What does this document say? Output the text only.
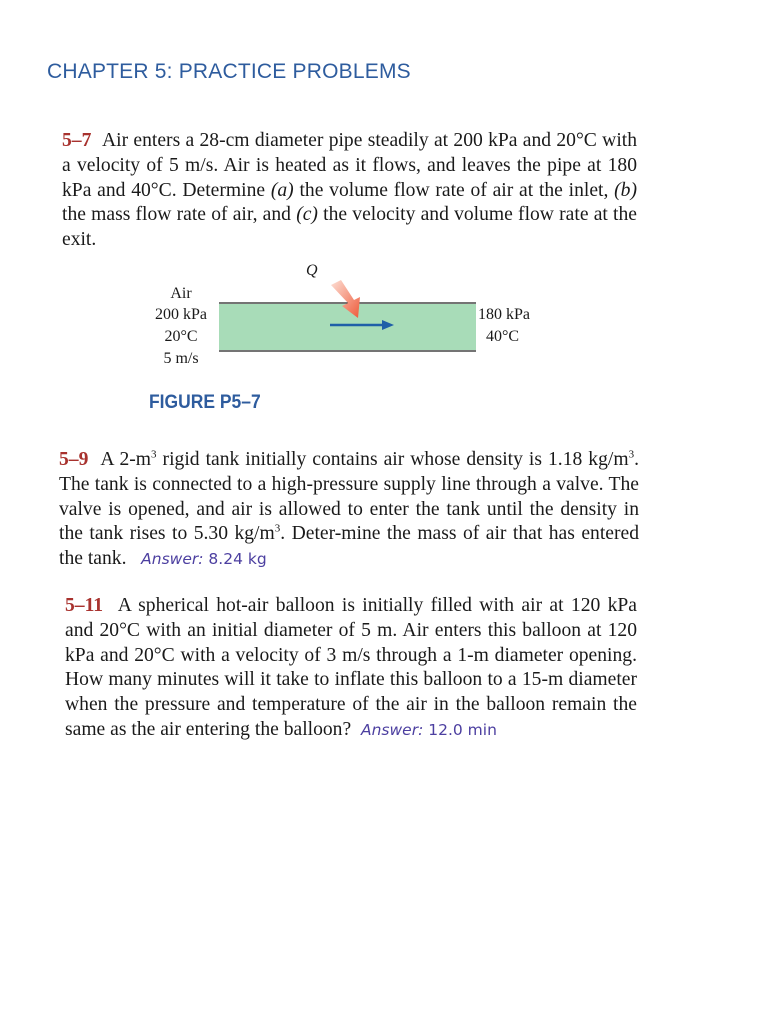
CHAPTER 5: PRACTICE PROBLEMS
5–7 Air enters a 28-cm diameter pipe steadily at 200 kPa and 20°C with a velocity of 5 m/s. Air is heated as it flows, and leaves the pipe at 180 kPa and 40°C. Determine (a) the volume flow rate of air at the inlet, (b) the mass flow rate of air, and (c) the velocity and volume flow rate at the exit.
Q
Air
200 kPa
20°C
5 m/s
180 kPa
40°C
FIGURE P5–7
5–9 A $2-m^3$ rigid tank initially contains air whose density is 1.18 $kg/m^3$. The tank is connected to a high-pressure supply line through a valve. The valve is opened, and air is allowed to enter the tank until the density in the tank rises to 5.30 $kg/m^3$. Deter-mine the mass of air that has entered the tank. Answer: 8.24 kg
5–11 A spherical hot-air balloon is initially filled with air at 120 kPa and 20°C with an initial diameter of 5 m. Air enters this balloon at 120 kPa and 20°C with a velocity of 3 m/s through a 1-m diameter opening. How many minutes will it take to inflate this balloon to a 15-m diameter when the pressure and temperature of the air in the balloon remain the same as the air entering the balloon? Answer: 12.0 min
